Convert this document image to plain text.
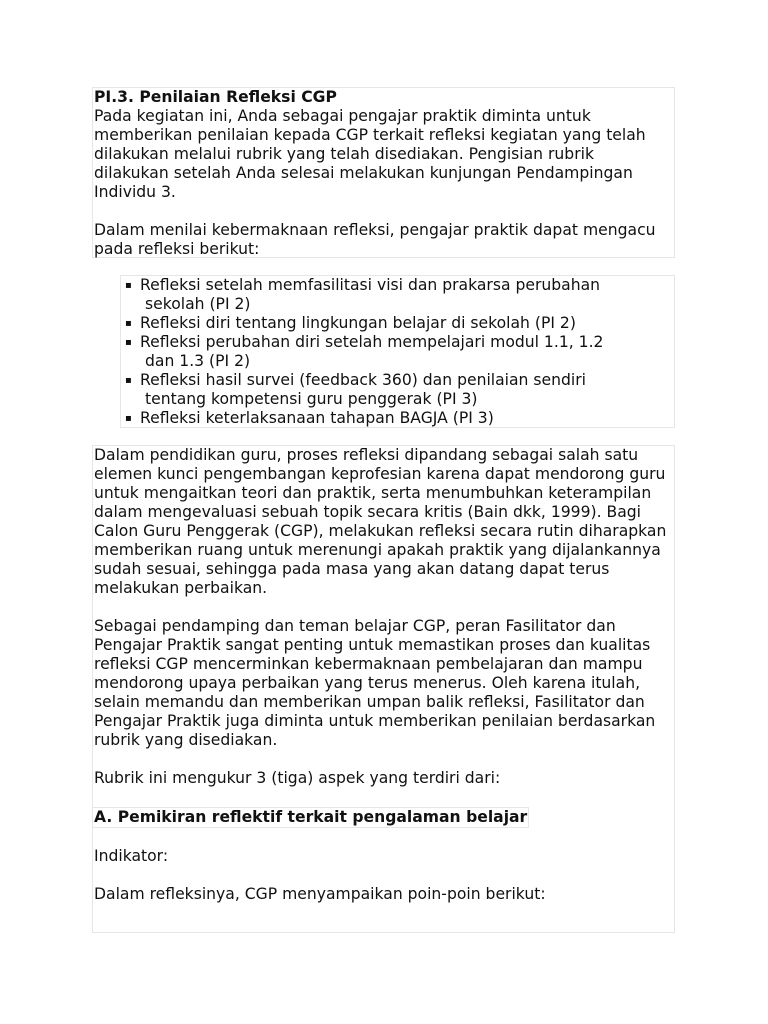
PI.3. Penilaian Refleksi CGP

Pada kegiatan ini, Anda sebagai pengajar praktik diminta untuk memberikan penilaian kepada CGP terkait refleksi kegiatan yang telah dilakukan melalui rubrik yang telah disediakan. Pengisian rubrik dilakukan setelah Anda selesai melakukan kunjungan Pendampingan Individu 3.

Dalam menilai kebermaknaan refleksi, pengajar praktik dapat mengacu pada refleksi berikut:

▪ Refleksi setelah memfasilitasi visi dan prakarsa perubahan
sekolah (PI 2)
▪ Refleksi diri tentang lingkungan belajar di sekolah (PI 2)
▪ Refleksi perubahan diri setelah mempelajari modul 1.1, 1.2
dan 1.3 (PI 2)
▪ Refleksi hasil survei (feedback 360) dan penilaian sendiri
tentang kompetensi guru penggerak (PI 3)
▪ Refleksi keterlaksanaan tahapan BAGJA (PI 3)

Dalam pendidikan guru, proses refleksi dipandang sebagai salah satu elemen kunci pengembangan keprofesian karena dapat mendorong guru untuk mengaitkan teori dan praktik, serta menumbuhkan keterampilan dalam mengevaluasi sebuah topik secara kritis (Bain dkk, 1999). Bagi Calon Guru Penggerak (CGP), melakukan refleksi secara rutin diharapkan memberikan ruang untuk merenungi apakah praktik yang dijalankannya sudah sesuai, sehingga pada masa yang akan datang dapat terus melakukan perbaikan.

Sebagai pendamping dan teman belajar CGP, peran Fasilitator dan Pengajar Praktik sangat penting untuk memastikan proses dan kualitas refleksi CGP mencerminkan kebermaknaan pembelajaran dan mampu mendorong upaya perbaikan yang terus menerus. Oleh karena itulah, selain memandu dan memberikan umpan balik refleksi, Fasilitator dan Pengajar Praktik juga diminta untuk memberikan penilaian berdasarkan rubrik yang disediakan.

Rubrik ini mengukur 3 (tiga) aspek yang terdiri dari:

A. Pemikiran reflektif terkait pengalaman belajar

Indikator:

Dalam refleksinya, CGP menyampaikan poin-poin berikut:
